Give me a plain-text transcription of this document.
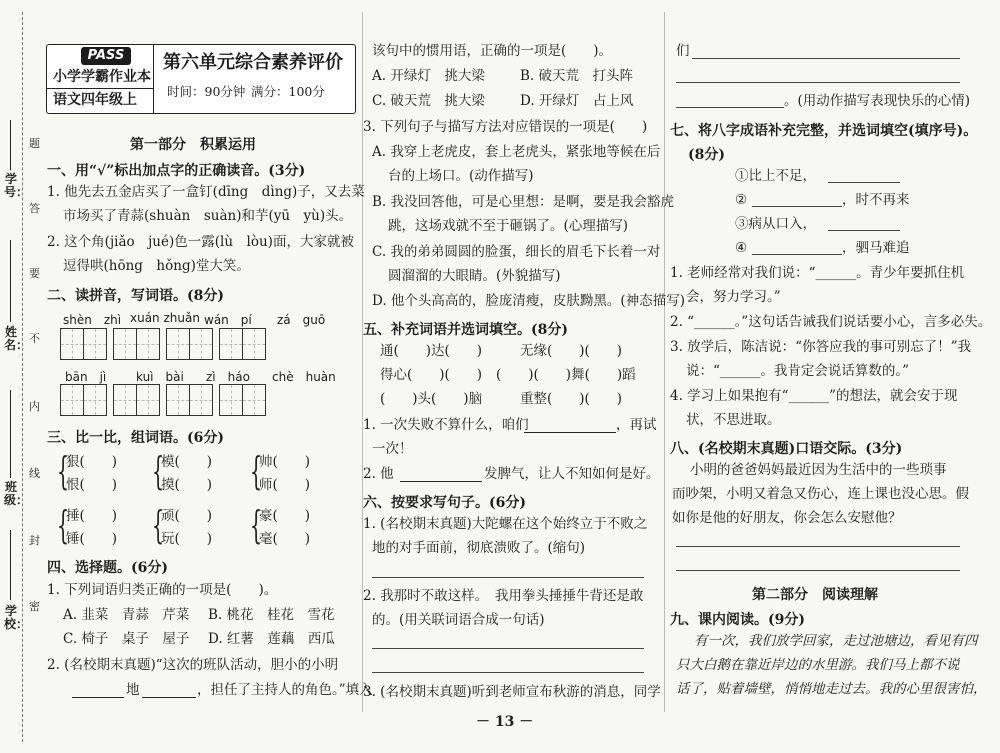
学号：
姓名：
班级：
学校：
题
答
要
不
内
线
封
密
PASS
小学学霸作业本
语文四年级上
第六单元综合素养评价
时间：90分钟 满分：100分
第一部分　积累运用
一、用“√”标出加点字的正确读音。(3分)
1. 他先去五金店买了一盒钉(dīng　dìng)子，又去菜
市场买了青蒜(shuàn　suàn)和芋(yū　yù)头。
2. 这个角(jiǎo　jué)色一露(lù　lòu)面，大家就被
逗得哄(hōng　hǒng)堂大笑。
二、读拼音，写词语。(8分)
shèn　zhì xuán zhuǎn wán　pí zá　guō
bān　jì kuì　bài zì　háo chè　huàn
三、比一比，组词语。(6分)
{
狠(　　)
恨(　　) {
模(　　)
摸(　　) {
帅(　　)
师(　　)
{
捶(　　)
锤(　　) {
顽(　　)
玩(　　) {
豪(　　)
毫(　　)
四、选择题。(6分)
1. 下列词语归类正确的一项是(　　)。
A. 韭菜　青蒜　芹菜 B. 桃花　桂花　雪花
C. 椅子　桌子　屋子 D. 红薯　莲藕　西瓜
2. (名校期末真题)“这次的班队活动，胆小的小明
地	，担任了主持人的角色。”填入
该句中的惯用语，正确的一项是(　　)。
A. 开绿灯　挑大梁	B. 破天荒　打头阵
C. 破天荒　挑大梁	D. 开绿灯　占上风
3. 下列句子与描写方法对应错误的一项是(　　)
A. 我穿上老虎皮，套上老虎头，紧张地等候在后
台的上场口。(动作描写)
B. 我没回答他，可是心里想：是啊，要是我会豁虎
跳，这场戏就不至于砸锅了。(心理描写)
C. 我的弟弟圆圆的脸蛋，细长的眉毛下长着一对
圆溜溜的大眼睛。(外貌描写)
D. 他个头高高的，脸庞清瘦，皮肤黝黑。(神态描写)
五、补充词语并选词填空。(8分)
通(　　)达(　　)	无缘(　　)(　　)
得心(　　)(　　) (　　)(　　)舞(　　)蹈
(　　)头(　　)脑	重整(　　)(　　)
1. 一次失败不算什么，咱们	，再试
一次！
2. 他	发脾气，让人不知如何是好。
六、按要求写句子。(6分)
1. (名校期末真题)大陀螺在这个始终立于不败之
地的对手面前，彻底溃败了。(缩句)
2. 我那时不敢这样。　我用拳头捶捶牛背还是敢
的。(用关联词语合成一句话)
3. (名校期末真题)听到老师宣布秋游的消息，同学
们
。(用动作描写表现快乐的心情)
七、将八字成语补充完整，并选词填空(填序号)。
(8分)
①比上不足，
②	，时不再来
③病从口入，
④	，驷马难追
1. 老师经常对我们说：“______。青少年要抓住机
会，努力学习。”
2. “______。”这句话告诫我们说话要小心，言多必失。
3. 放学后，陈洁说：“你答应我的事可别忘了！”我
说：“______。我肯定会说话算数的。”
4. 学习上如果抱有“______”的想法，就会安于现
状，不思进取。
八、(名校期末真题)口语交际。(3分)
小明的爸爸妈妈最近因为生活中的一些琐事
而吵架，小明又着急又伤心，连上课也没心思。假
如你是他的好朋友，你会怎么安慰他？
第二部分　阅读理解
九、课内阅读。(9分)
有一次，我们放学回家，走过池塘边，看见有四
只大白鹅在靠近岸边的水里游。我们马上都不说
话了，贴着墙壁，悄悄地走过去。我的心里很害怕，
－ 13 －
